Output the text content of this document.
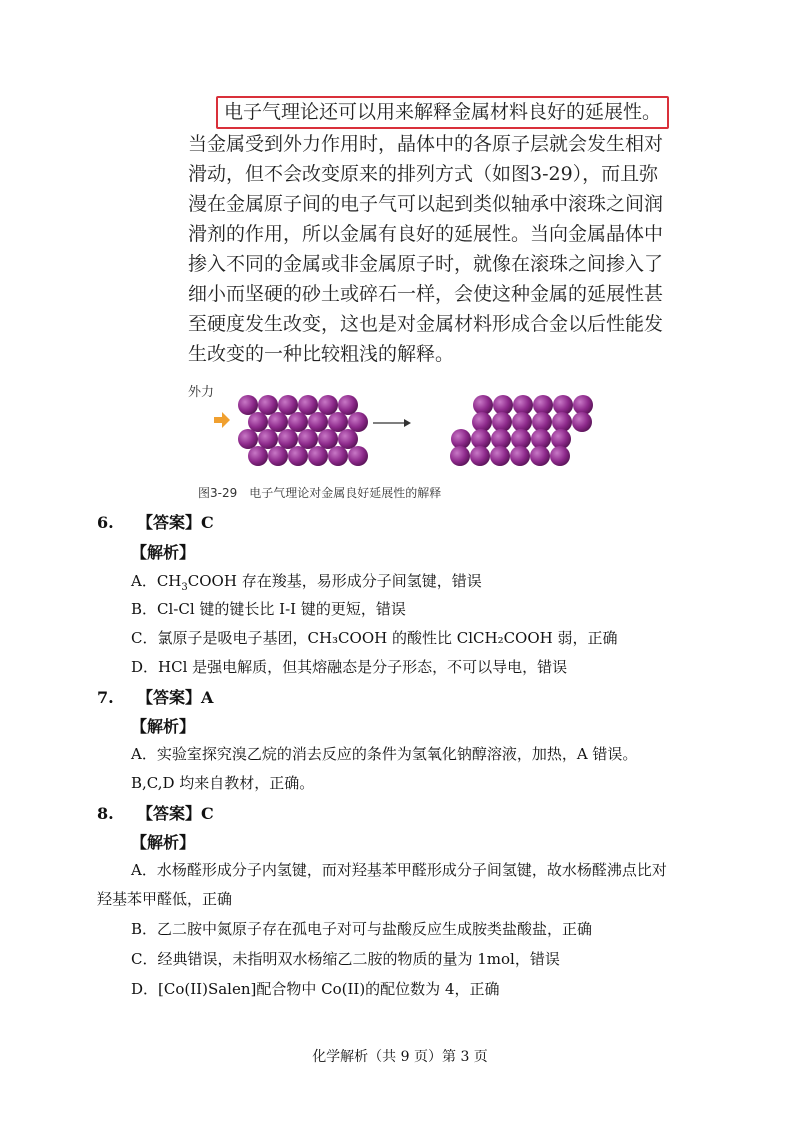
电子气理论还可以用来解释金属材料良好的延展性。
当金属受到外力作用时，晶体中的各原子层就会发生相对
滑动，但不会改变原来的排列方式（如图3-29），而且弥
漫在金属原子间的电子气可以起到类似轴承中滚珠之间润
滑剂的作用，所以金属有良好的延展性。当向金属晶体中
掺入不同的金属或非金属原子时，就像在滚珠之间掺入了
细小而坚硬的砂土或碎石一样，会使这种金属的延展性甚
至硬度发生改变，这也是对金属材料形成合金以后性能发
生改变的一种比较粗浅的解释。
外力
图3-29　电子气理论对金属良好延展性的解释
6. 【答案】C
【解析】
A．$CH_3COOH$ 存在羧基，易形成分子间氢键，错误
B．Cl-Cl 键的键长比 I-I 键的更短，错误
C．氯原子是吸电子基团，CH₃COOH 的酸性比 ClCH₂COOH 弱，正确
D．HCl 是强电解质，但其熔融态是分子形态，不可以导电，错误
7. 【答案】A
【解析】
A．实验室探究溴乙烷的消去反应的条件为氢氧化钠醇溶液，加热，A 错误。
B,C,D 均来自教材，正确。
8. 【答案】C
【解析】
A．水杨醛形成分子内氢键，而对羟基苯甲醛形成分子间氢键，故水杨醛沸点比对
羟基苯甲醛低，正确
B．乙二胺中氮原子存在孤电子对可与盐酸反应生成胺类盐酸盐，正确
C．经典错误，未指明双水杨缩乙二胺的物质的量为 1mol，错误
D．[Co(II)Salen]配合物中 Co(II)的配位数为 4，正确
化学解析（共 9 页）第 3 页
